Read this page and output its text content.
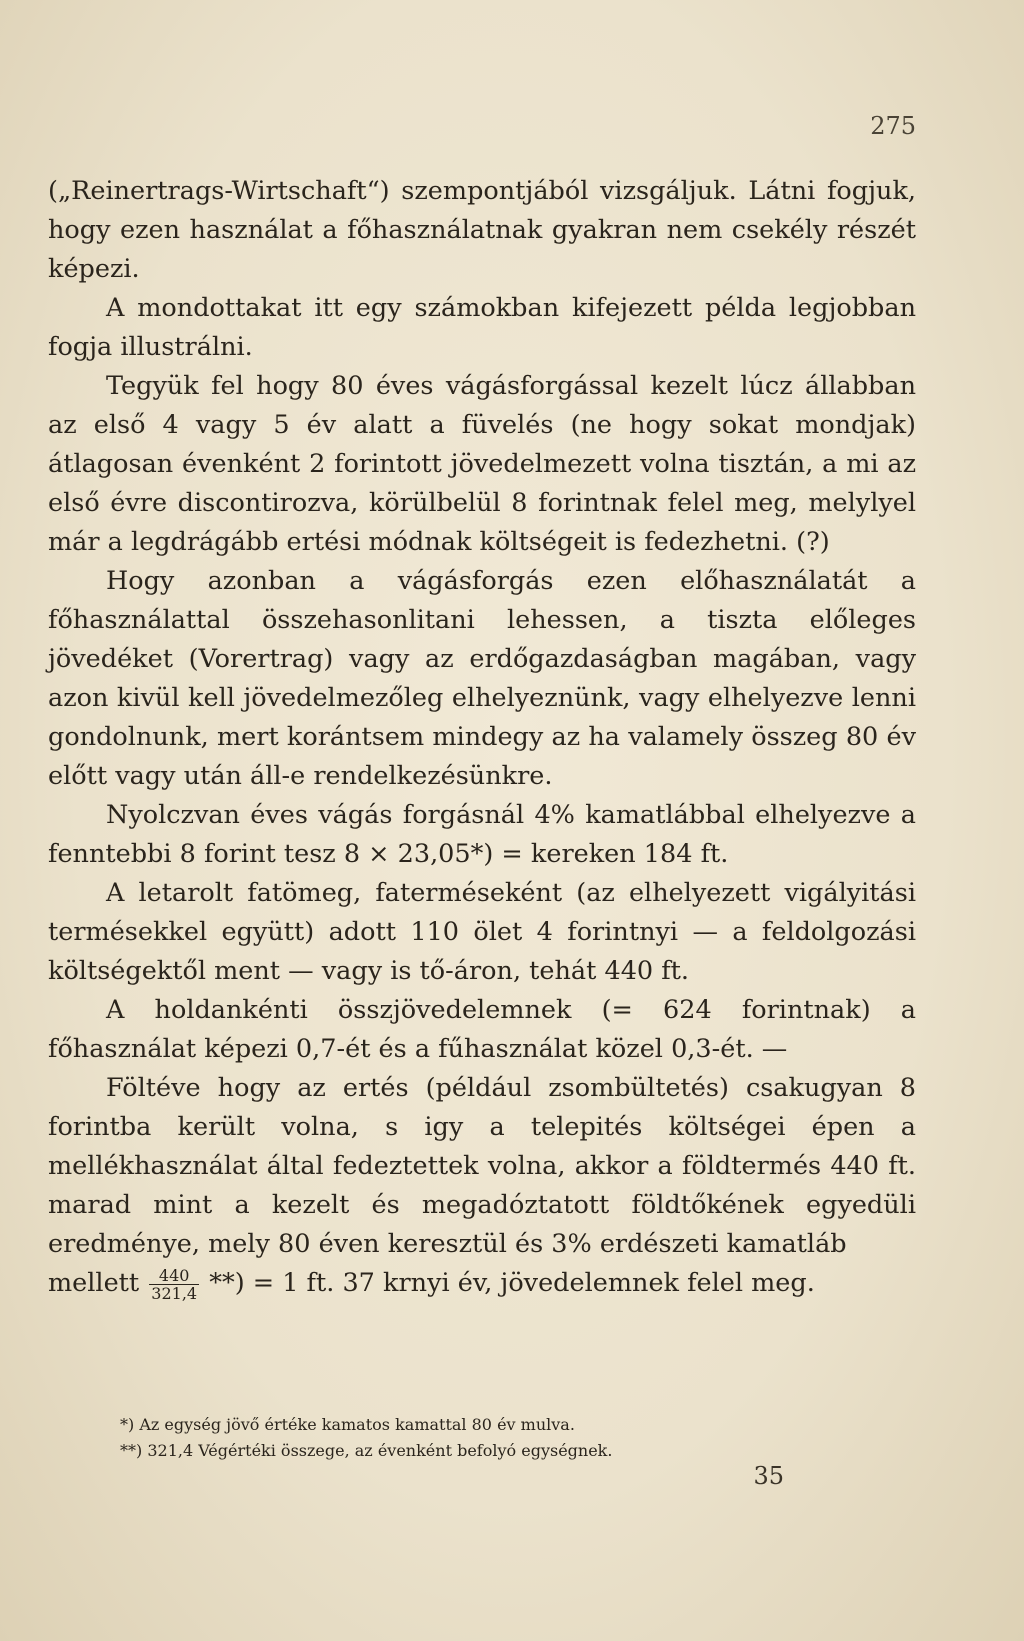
275

(„Reinertrags-Wirtschaft“) szempontjából vizsgáljuk. Látni fogjuk, hogy ezen használat a főhasználatnak gyakran nem csekély részét képezi.

A mondottakat itt egy számokban kifejezett példa legjobban fogja illustrálni.

Tegyük fel hogy 80 éves vágásforgással kezelt lúcz állabban az első 4 vagy 5 év alatt a füvelés (ne hogy sokat mondjak) átlagosan évenként 2 forintott jövedelmezett volna tisztán, a mi az első évre discontirozva, körülbelül 8 forintnak felel meg, melylyel már a legdrágább ertési módnak költségeit is fedezhetni. (?)

Hogy azonban a vágásforgás ezen előhasználatát a főhasználattal összehasonlitani lehessen, a tiszta előleges jövedéket (Vorertrag) vagy az erdőgazdaságban magában, vagy azon kivül kell jövedelmezőleg elhelyeznünk, vagy elhelyezve lenni gondolnunk, mert korántsem mindegy az ha valamely összeg 80 év előtt vagy után áll-e rendelkezésünkre.

Nyolczvan éves vágás forgásnál 4% kamatlábbal elhelyezve a fenntebbi 8 forint tesz 8 × 23,05*) = kereken 184 ft.

A letarolt fatömeg, faterméseként (az elhelyezett vigályitási termésekkel együtt) adott 110 ölet 4 forintnyi — a feldolgozási költségektől ment — vagy is tő-áron, tehát 440 ft.

A holdankénti összjövedelemnek (= 624 forintnak) a főhasználat képezi 0,7-ét és a fűhasználat közel 0,3-ét. —

Föltéve hogy az ertés (például zsombültetés) csakugyan 8 forintba került volna, s igy a telepités költségei épen a mellékhasználat által fedeztettek volna, akkor a földtermés 440 ft. marad mint a kezelt és megadóztatott földtőkének egyedüli eredménye, mely 80 éven keresztül és 3% erdészeti kamatláb

mellett $\frac{440}{321,4}$ **) = 1 ft. 37 krnyi év, jövedelemnek felel meg.

*) Az egység jövő értéke kamatos kamattal 80 év mulva.

**) 321,4 Végértéki összege, az évenként befolyó egységnek.

35
